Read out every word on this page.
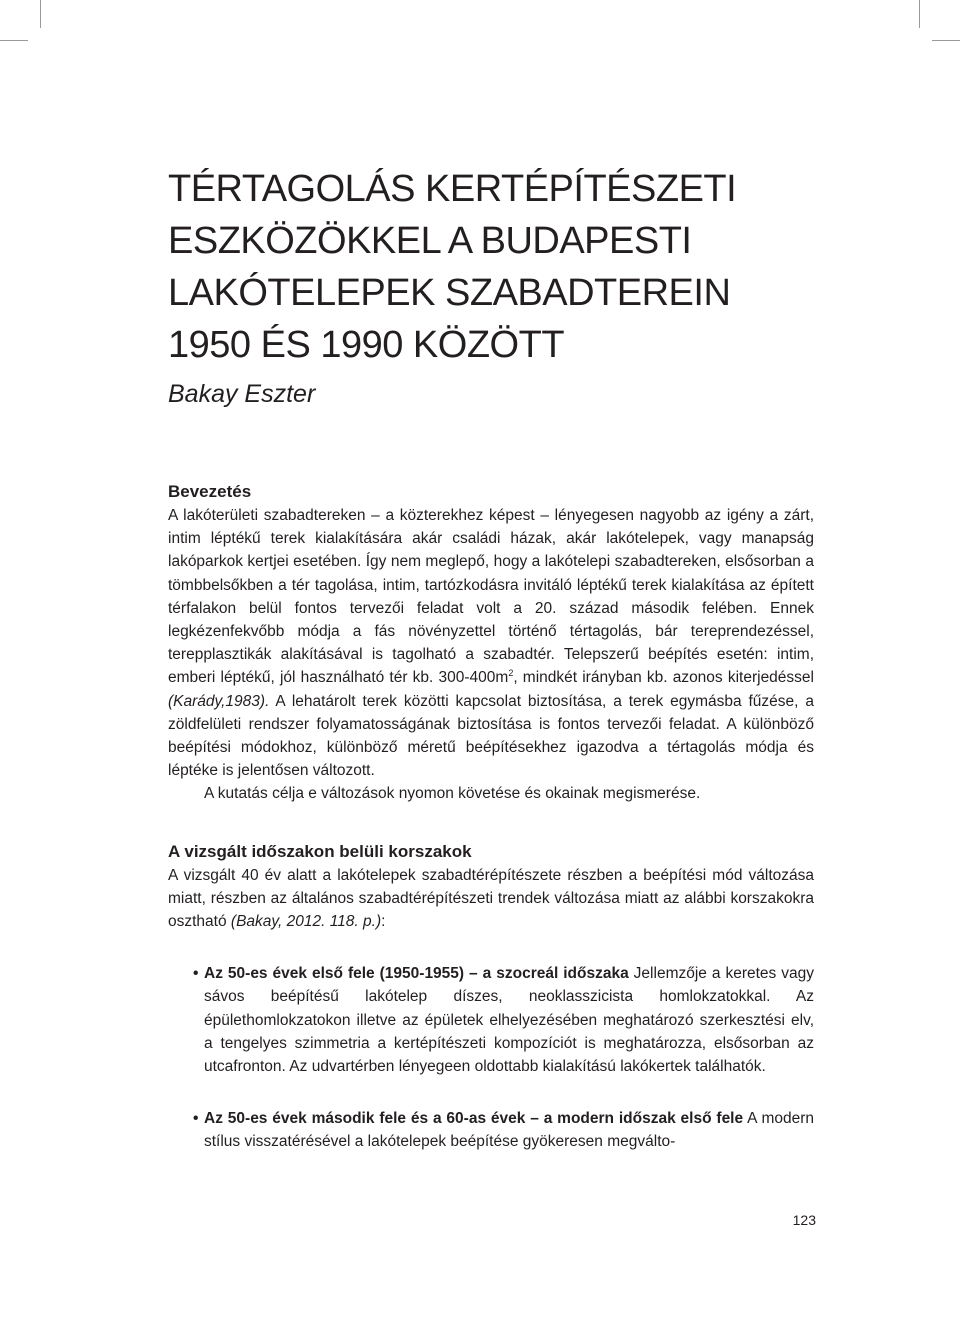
TÉRTAGOLÁS KERTÉPÍTÉSZETI
ESZKÖZÖKKEL A BUDAPESTI
LAKÓTELEPEK SZABADTEREIN
1950 ÉS 1990 KÖZÖTT
Bakay Eszter
Bevezetés

A lakóterületi szabadtereken – a közterekhez képest – lényegesen nagyobb az igény a zárt, intim léptékű terek kialakítására akár családi házak, akár lakótelepek, vagy manapság lakóparkok kertjei esetében. Így nem meglepő, hogy a lakótelepi szabadtereken, elsősorban a tömbbelsőkben a tér tagolása, intim, tartózkodásra invitáló léptékű terek kialakítása az épített térfalakon belül fontos tervezői feladat volt a 20. század második felében. Ennek legkézenfekvőbb módja a fás növényzettel történő tértagolás, bár tereprendezéssel, terepplasztikák alakításával is tagolható a szabadtér. Telepszerű beépítés esetén: intim, emberi léptékű, jól használható tér kb. $300-400m^2$, mindkét irányban kb. azonos kiterjedéssel (Karády,1983). A lehatárolt terek közötti kapcsolat biztosítása, a terek egymásba fűzése, a zöldfelületi rendszer folyamatosságának biztosítása is fontos tervezői feladat. A különböző beépítési módokhoz, különböző méretű beépítésekhez igazodva a tértagolás módja és léptéke is jelentősen változott.

A kutatás célja e változások nyomon követése és okainak megismerése.

A vizsgált időszakon belüli korszakok

A vizsgált 40 év alatt a lakótelepek szabadtérépítészete részben a beépítési mód változása miatt, részben az általános szabadtérépítészeti trendek változása miatt az alábbi korszakokra osztható (Bakay, 2012. 118. p.):

• Az 50-es évek első fele (1950-1955) – a szocreál időszaka Jellemzője a keretes vagy sávos beépítésű lakótelep díszes, neoklasszicista homlokzatokkal. Az épülethomlokzatokon illetve az épületek elhelyezésében meghatározó szerkesztési elv, a tengelyes szimmetria a kertépítészeti kompozíciót is meghatározza, elsősorban az utcafronton. Az udvartérben lényegeen oldottabb kialakítású lakókertek találhatók.
• Az 50-es évek második fele és a 60-as évek – a modern időszak első fele A modern stílus visszatérésével a lakótelepek beépítése gyökeresen megválto-
123
